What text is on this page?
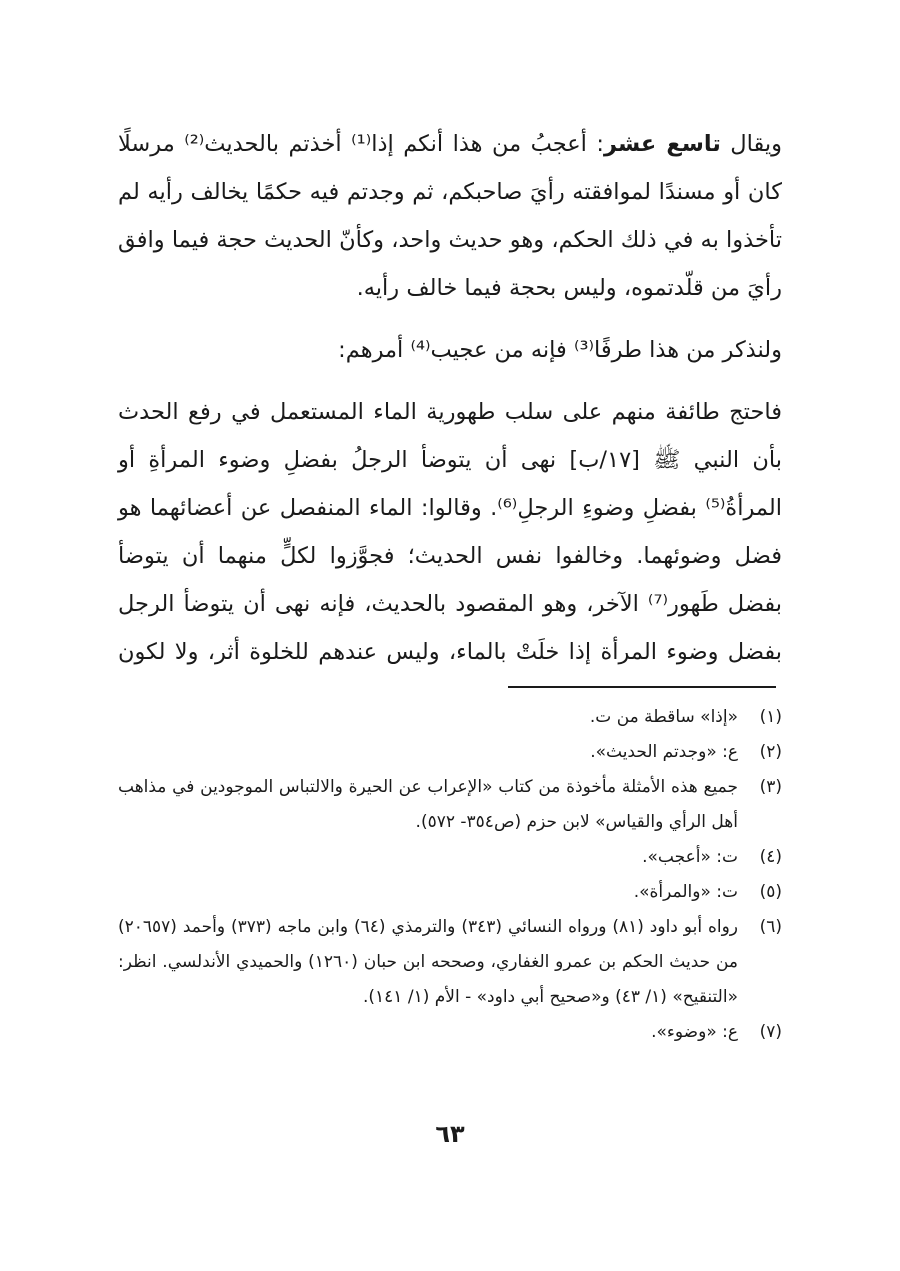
ويقال تاسع عشر: أعجبُ من هذا أنكم إذا⁽¹⁾ أخذتم بالحديث⁽²⁾ مرسلًا كان أو مسندًا لموافقته رأيَ صاحبكم، ثم وجدتم فيه حكمًا يخالف رأيه لم تأخذوا به في ذلك الحكم، وهو حديث واحد، وكأنّ الحديث حجة فيما وافق رأيَ من قلّدتموه، وليس بحجة فيما خالف رأيه.

ولنذكر من هذا طرفًا⁽³⁾ فإنه من عجيب⁽⁴⁾ أمرهم:

فاحتج طائفة منهم على سلب طهورية الماء المستعمل في رفع الحدث بأن النبي ﷺ [١٧/ب] نهى أن يتوضأ الرجلُ بفضلِ وضوء المرأةِ أو المرأةُ⁽⁵⁾ بفضلِ وضوءِ الرجلِ⁽⁶⁾. وقالوا: الماء المنفصل عن أعضائهما هو فضل وضوئهما. وخالفوا نفس الحديث؛ فجوَّزوا لكلٍّ منهما أن يتوضأ بفضل طَهور⁽⁷⁾ الآخر، وهو المقصود بالحديث، فإنه نهى أن يتوضأ الرجل بفضل وضوء المرأة إذا خلَتْ بالماء، وليس عندهم للخلوة أثر، ولا لكون

(١)
«إذا» ساقطة من ت.
(٢)
ع: «وجدتم الحديث».
(٣)
جميع هذه الأمثلة مأخوذة من كتاب «الإعراب عن الحيرة والالتباس الموجودين في مذاهب أهل الرأي والقياس» لابن حزم (ص٣٥٤- ٥٧٢).
(٤)
ت: «أعجب».
(٥)
ت: «والمرأة».
(٦)
رواه أبو داود (٨١) ورواه النسائي (٣٤٣) والترمذي (٦٤) وابن ماجه (٣٧٣) وأحمد (٢٠٦٥٧) من حديث الحكم بن عمرو الغفاري، وصححه ابن حبان (١٢٦٠) والحميدي الأندلسي. انظر: «التنقيح» (١/ ٤٣) و«صحيح أبي داود» - الأم (١/ ١٤١).
(٧)
ع: «وضوء».
٦٣
